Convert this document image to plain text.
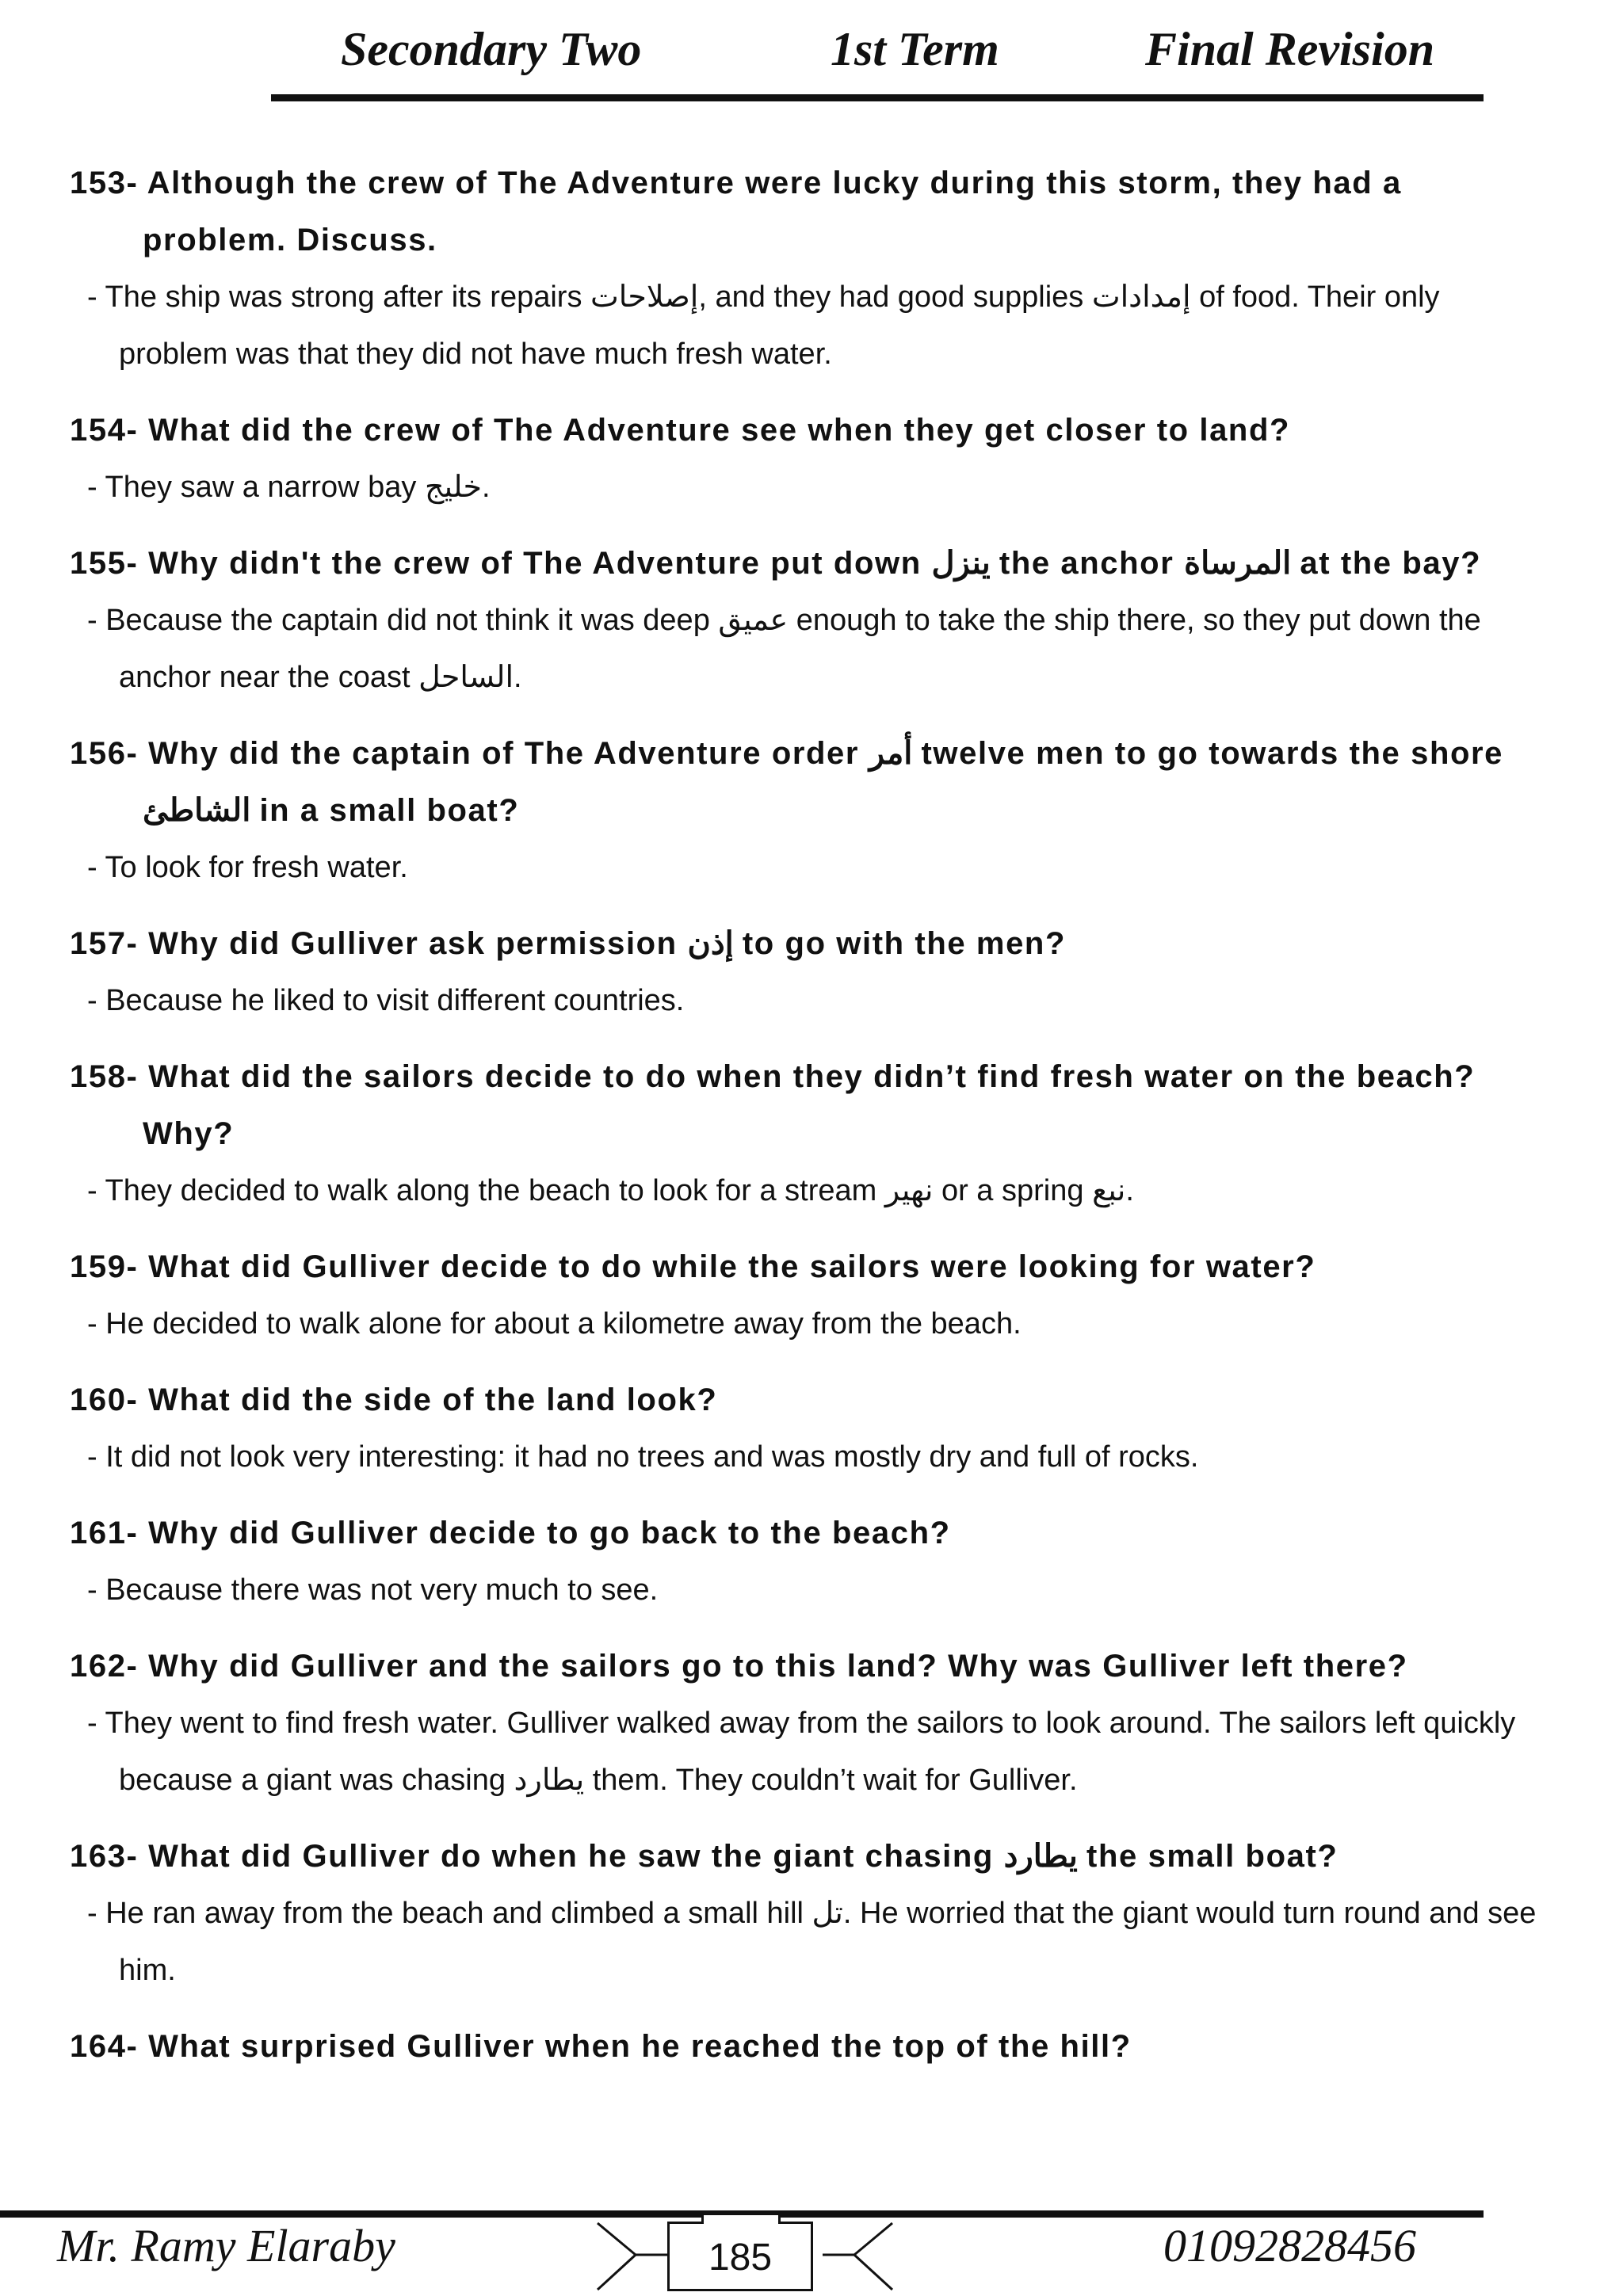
Secondary Two	1st Term	Final Revision
153- Although the crew of The Adventure were lucky during this storm, they had a problem. Discuss.
- The ship was strong after its repairs إصلاحات, and they had good supplies إمدادات of food. Their only problem was that they did not have much fresh water.
154- What did the crew of The Adventure see when they get closer to land?
- They saw a narrow bay خليج.
155- Why didn't the crew of The Adventure put down ينزل the anchor المرساة at the bay?
- Because the captain did not think it was deep عميق enough to take the ship there, so they put down the anchor near the coast الساحل.
156- Why did the captain of The Adventure order أمر twelve men to go towards the shore الشاطئ in a small boat?
- To look for fresh water.
157- Why did Gulliver ask permission إذن to go with the men?
- Because he liked to visit different countries.
158- What did the sailors decide to do when they didn’t find fresh water on the beach? Why?
- They decided to walk along the beach to look for a stream نهير or a spring نبع.
159- What did Gulliver decide to do while the sailors were looking for water?
- He decided to walk alone for about a kilometre away from the beach.
160- What did the side of the land look?
- It did not look very interesting: it had no trees and was mostly dry and full of rocks.
161- Why did Gulliver decide to go back to the beach?
- Because there was not very much to see.
162- Why did Gulliver and the sailors go to this land? Why was Gulliver left there?
- They went to find fresh water. Gulliver walked away from the sailors to look around. The sailors left quickly because a giant was chasing يطارد them. They couldn’t wait for Gulliver.
163- What did Gulliver do when he saw the giant chasing يطارد the small boat?
- He ran away from the beach and climbed a small hill تل. He worried that the giant would turn round and see him.
164- What surprised Gulliver when he reached the top of the hill?
Mr. Ramy Elaraby	185	01092828456
